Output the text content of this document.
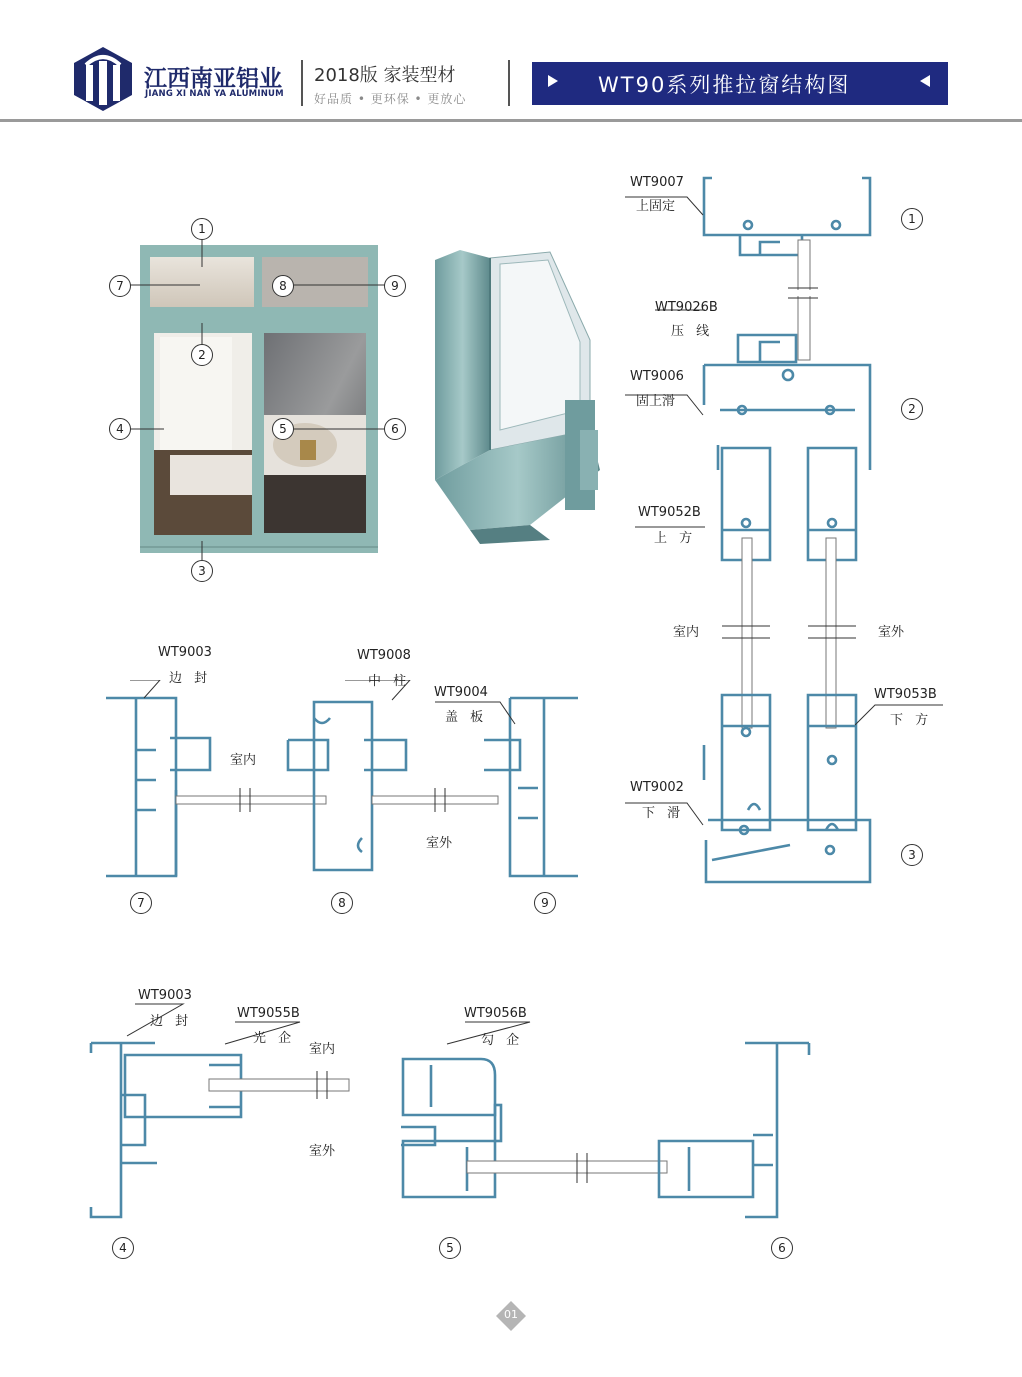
江西南亚铝业
JIANG XI NAN YA ALUMINUM
2018版 家装型材
好品质 • 更环保 • 更放心
WT90系列推拉窗结构图
1
7	8	9
2
4	5	6
3
WT9007
上固定
WT9026B
压 线
WT9006
固上滑
WT9052B
上 方
室内	室外
WT9053B
下 方
WT9002
下 滑
1
2
3
WT9003
边 封
WT9008
中 柱
WT9004
盖 板
室内
室外
7	8	9
WT9003
边 封
WT9055B
光 企
WT9056B
勾 企
室内
室外
4	5	6
01
